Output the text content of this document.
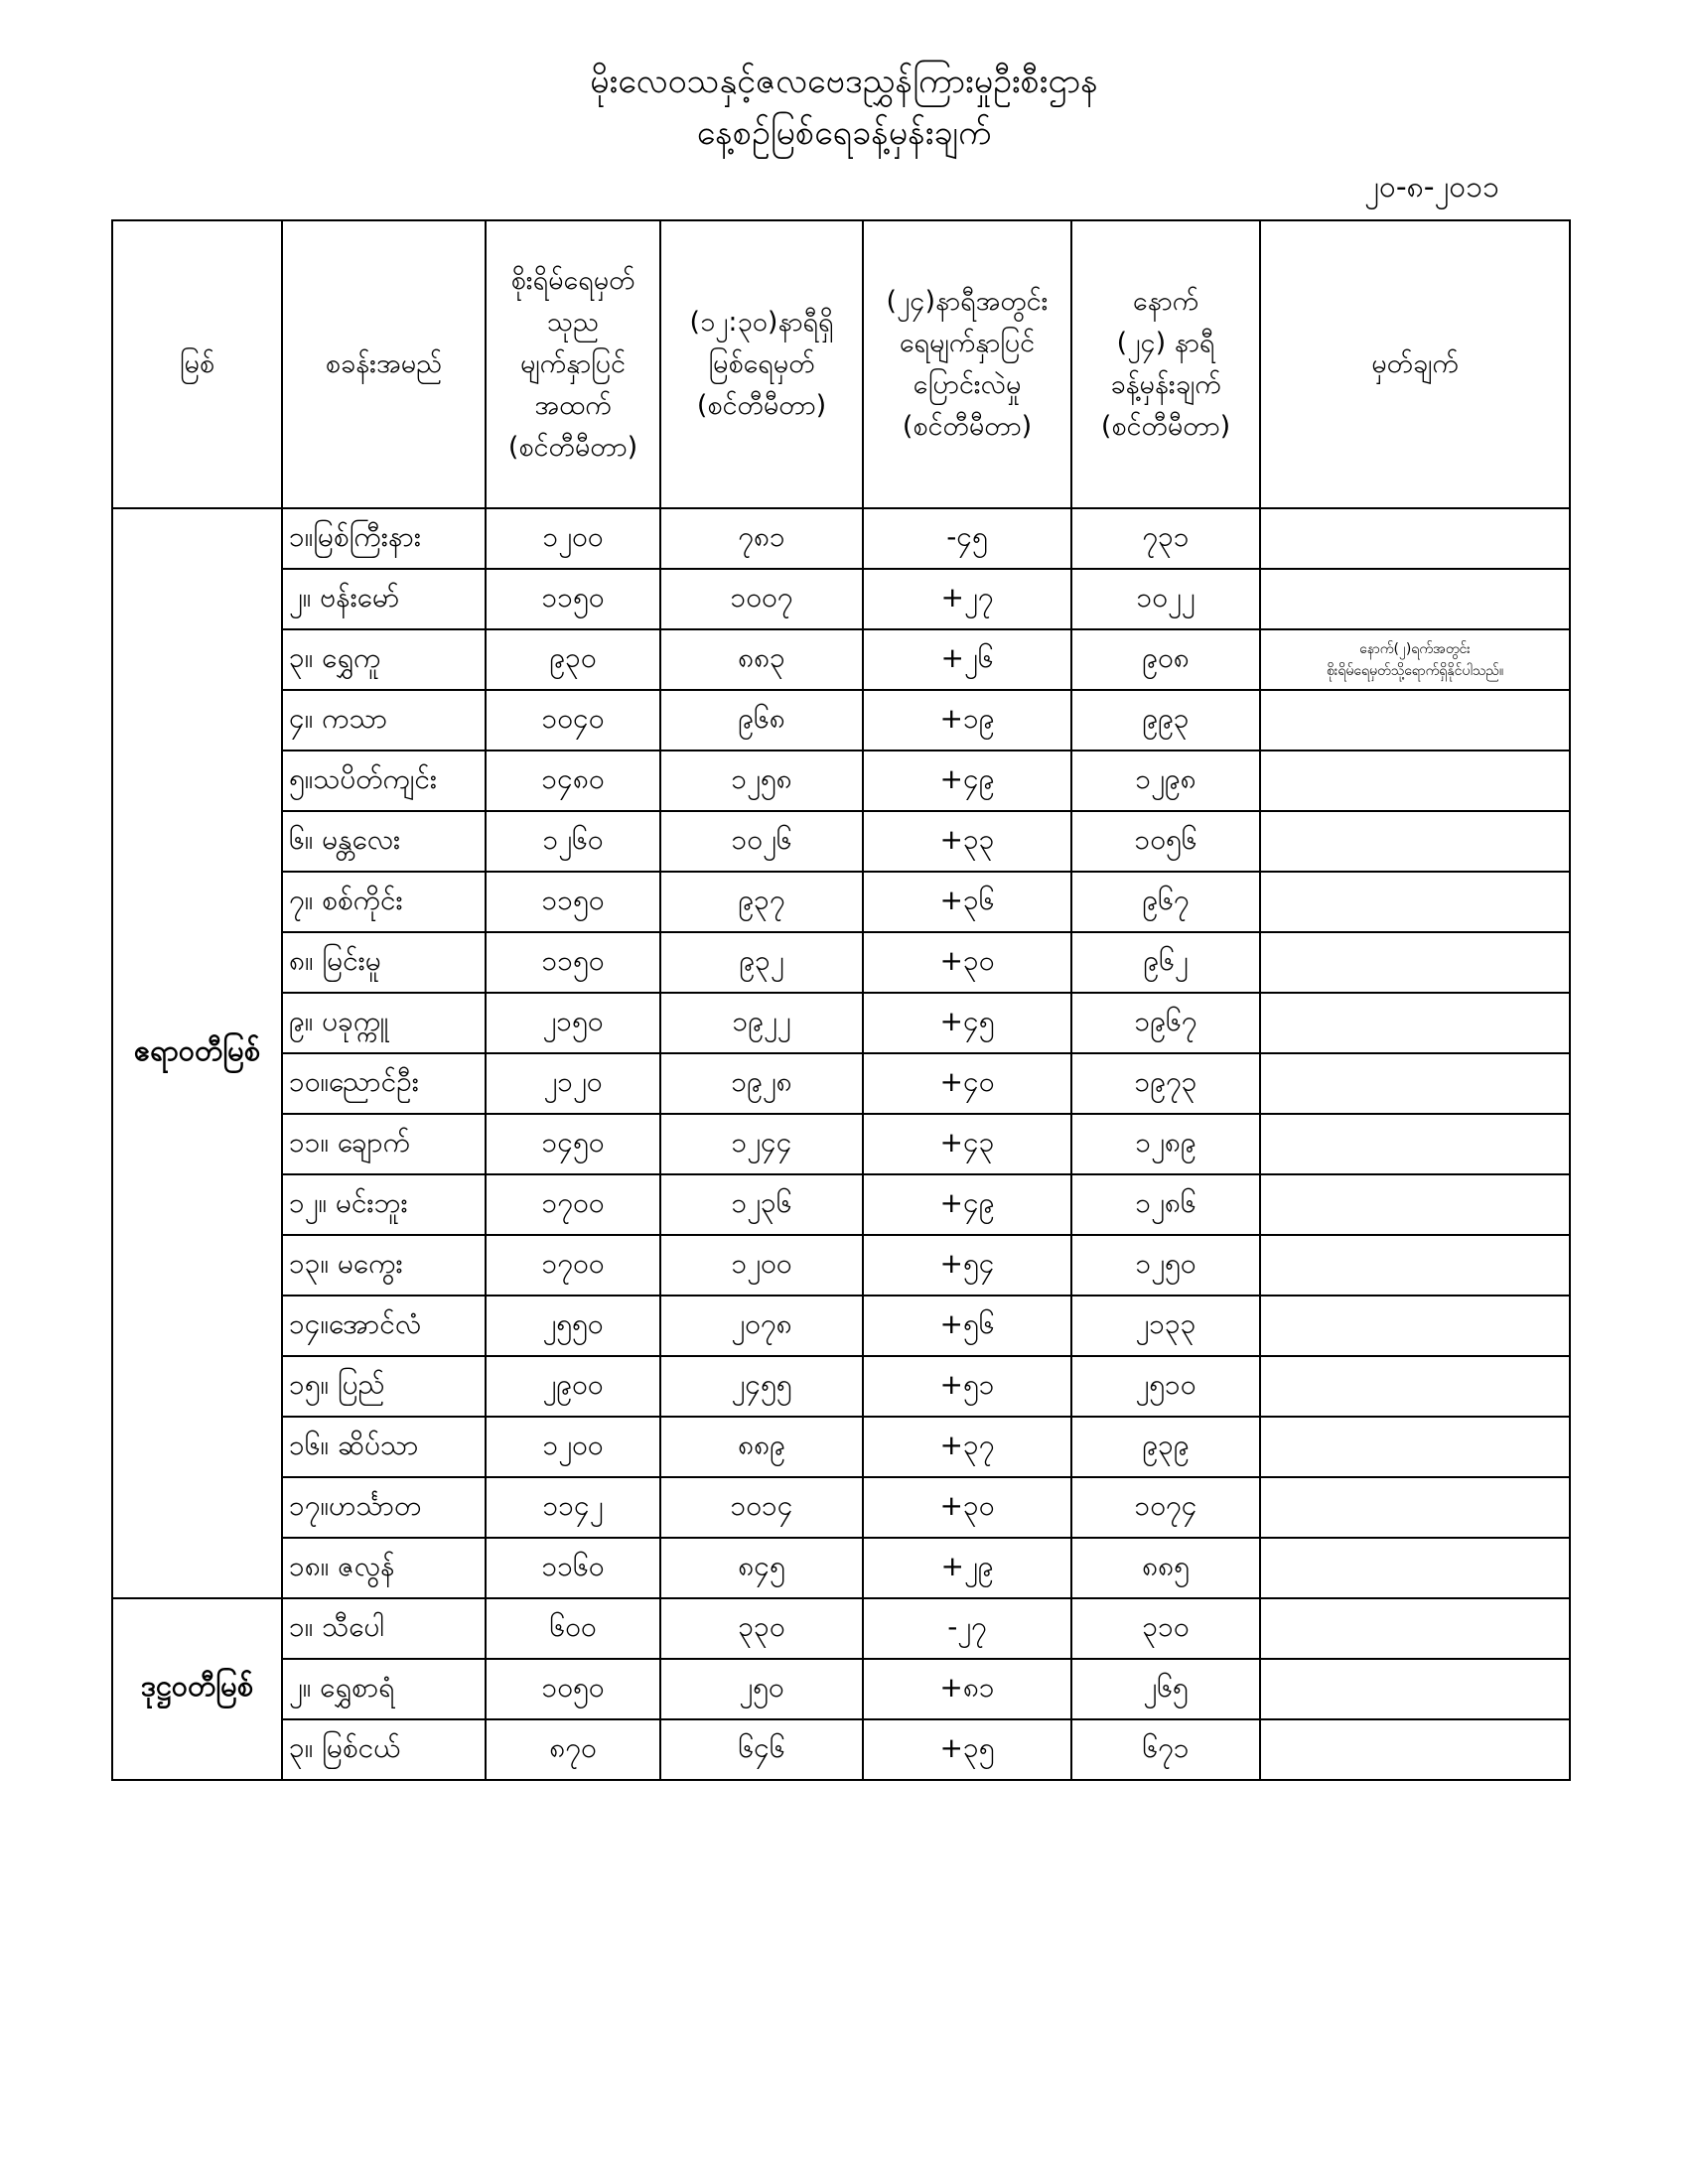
မိုးလေဝသနှင့်ဇလဗေဒညွှန်ကြားမှုဦးစီးဌာန
နေ့စဉ်မြစ်ရေခန့်မှန်းချက်
၂၀-၈-၂၀၁၁
မြစ်	စခန်းအမည်	စိုးရိမ်ရေမှတ်
သုည
မျက်နှာပြင်
အထက်
(စင်တီမီတာ)	(၁၂:၃၀)နာရီရှိ
မြစ်ရေမှတ်
(စင်တီမီတာ)	(၂၄)နာရီအတွင်း
ရေမျက်နှာပြင်
ပြောင်းလဲမှု
(စင်တီမီတာ)	နောက်
(၂၄) နာရီ
ခန့်မှန်းချက်
(စင်တီမီတာ)	မှတ်ချက်

ဧရာဝတီမြစ်	၁။မြစ်ကြီးနား	၁၂၀၀	၇၈၁	-၄၅	၇၃၁	
	၂။ ဗန်းမော်	၁၁၅၀	၁၀၀၇	+၂၇	၁၀၂၂	
	၃။ ရွှေကူ	၉၃၀	၈၈၃	+၂၆	၉၀၈	နောက်(၂)ရက်အတွင်း
စိုးရိမ်ရေမှတ်သို့ရောက်ရှိနိုင်ပါသည်။

	၄။ ကသာ	၁၀၄၀	၉၆၈	+၁၉	၉၉၃	
	၅။သပိတ်ကျင်း	၁၄၈၀	၁၂၅၈	+၄၉	၁၂၉၈	
	၆။ မန္တလေး	၁၂၆၀	၁၀၂၆	+၃၃	၁၀၅၆	
	၇။ စစ်ကိုင်း	၁၁၅၀	၉၃၇	+၃၆	၉၆၇	
	၈။ မြင်းမူ	၁၁၅၀	၉၃၂	+၃၀	၉၆၂	
	၉။ ပခုက္ကူ	၂၁၅၀	၁၉၂၂	+၄၅	၁၉၆၇	
	၁၀။ညောင်ဦး	၂၁၂၀	၁၉၂၈	+၄၀	၁၉၇၃	
	၁၁။ ချောက်	၁၄၅၀	၁၂၄၄	+၄၃	၁၂၈၉	
	၁၂။ မင်းဘူး	၁၇၀၀	၁၂၃၆	+၄၉	၁၂၈၆	
	၁၃။ မကွေး	၁၇၀၀	၁၂၀၀	+၅၄	၁၂၅၀	
	၁၄။အောင်လံ	၂၅၅၀	၂၀၇၈	+၅၆	၂၁၃၃	
	၁၅။ ပြည်	၂၉၀၀	၂၄၅၅	+၅၁	၂၅၁၀	
	၁၆။ ဆိပ်သာ	၁၂၀၀	၈၈၉	+၃၇	၉၃၉	
	၁၇။ဟင်္သာတ	၁၁၄၂	၁၀၁၄	+၃၀	၁၀၇၄	
	၁၈။ ဇလွန်	၁၁၆၀	၈၄၅	+၂၉	၈၈၅	
ဒုဋ္ဌဝတီမြစ်	၁။ သီပေါ	၆၀၀	၃၃၀	-၂၇	၃၁၀	
	၂။ ရွှေစာရံ	၁၀၅၀	၂၅၀	+၈၁	၂၆၅	
	၃။ မြစ်ငယ်	၈၇၀	၆၄၆	+၃၅	၆၇၁	
